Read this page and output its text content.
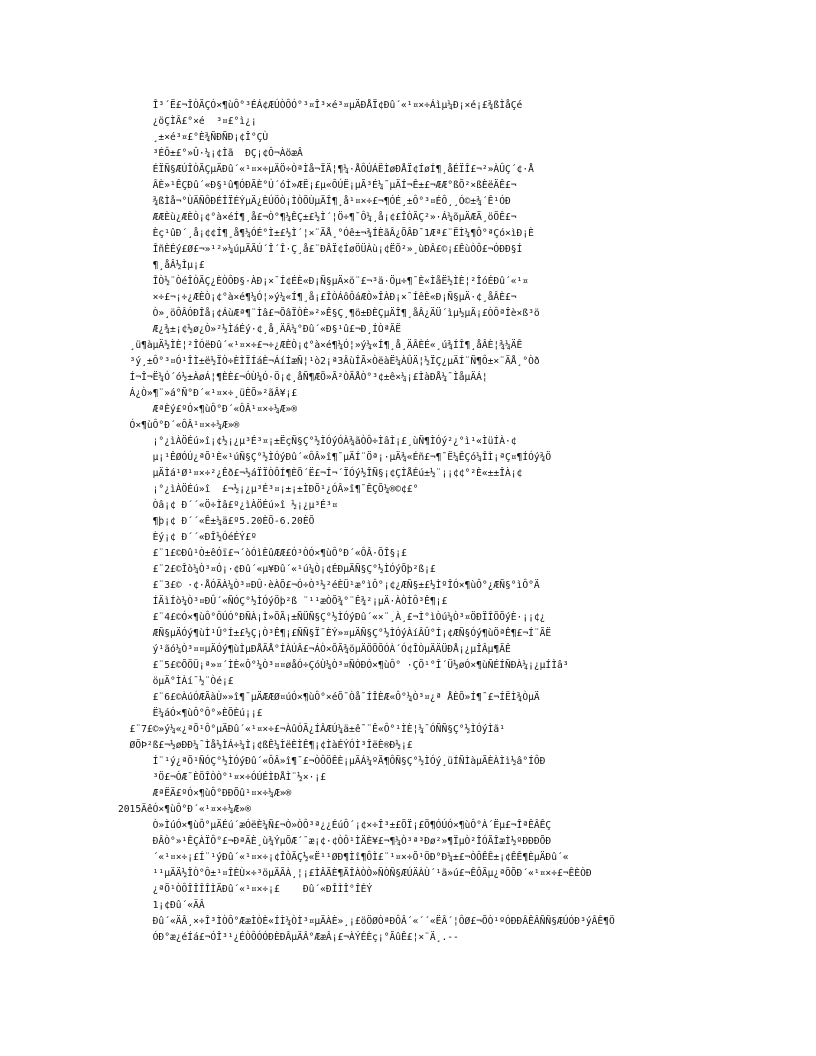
Î³´Ë£¬ÎÒÃÇÓ×¶ùÔ°³ÉÁ¢ÆÚÒÔÓ°³¤Î³×é³¤µÄÐÅÏ¢Ðû´«¹¤×÷Áìµ¼Ð¡×é¡£¾ßÌåÇé
¿öÇÌÂ£°×é  ³¤£°ì¿¡
¸±×é³¤£°È¾ÑÐÑÐ¡¢Î°ÇÙ
³ÉÔ±£°»Û·¼¡¢Ìã  ÐÇ¡¢Ô¬ÀöæÂ
ÉÏÑ§ÆÚÎÒÃÇµÄÐû´«¹¤×÷µÄÖ÷ÒªÌå¬ÏÄ¦¶¼·ÅÔÚÁËÌøÐÅÏ¢ÍøÍ¶¸åÉÏÎ£¬²»ÀÛÇ´¢·Å
ÂÈ»¹ÊÇÐû´«Ð§¹û¶ÓÐÃÈ°Ú´óÌ»ÆË¡£µ«ÔÚË¡µÃ³É¼¯µÄÍ¬Ê±£¬ÆÆ°ßÕ²×ßÈëÄÊ£¬
¾ßÌå¬°ÙÄÑÔÐÉÎÏÉÝµÄ¿ÈÚÖÒ¡ÌÒÕÙµÄÎ¶¸å¹¤×÷£¬¶ÓÉ¸±Ô°³¤ÉÔ¸¸Ó©±¾´Ê¹ÓÐ
ÆÆÈù¿ÆÈÒ¡¢°à×éÍ¶¸å£¬Ò°¶¼ÊÇ±£½Ì´¦Ö÷¶¯Ô¼¸å¡¢£ÎÒÃÇ²»·Á¼õµÄÆÃ¸öÕÊ£¬
Èç¹ûÐ´¸å¡¢¢Í¶¸å¶¼ÓÉ°Ì±£½Ì´¦×¨ÃÅ¸°Óê±¬¾ÍÈãÂ¿ÕÂÐ¯1Æª£¨ËÌ¼¶Ô°ªÇó×ìÐ¡È
ÎñÈÉý£Ø£¬»¹²»¼úµÃÃÚ´Î´Î·Ç¸å£¨ÐÂÏ¢ÍøÖÜÀù¡¢ËÕ²»¸ùÐÂ£©¡£ÊùÒÔ£¬ÓÐÐ§Í
¶¸åÂ½Ìµ¡£
ÎÒ½¨ÒéÎÒÃÇ¿ÈÒÔÐ§·ÀÐ¡×¯Í¢ÉÈ«Ð¡Ñ§µÄ×ö¨£¬³ä·Öµ÷¶¯È«ÌåË½ÌÈ¦²ÎóÉÐû´«¹¤
×÷£¬¡÷¿ÆÈÒ¡¢°à×é¶¼Ó¦»ý¼«Í¶¸å¡£ÎÒÁôÔáÆÒ»ÎÀÐ¡×¯ÍêÈ«Ð¡Ñ§µÄ·¢¸åÂÈ£¬
Ò»¸öÔÂÓÐÎå¡¢ÁùÆª¶¨Ìâ£¬ÕâÏÒÈ»²»Ê§Ç¸¶ö±ÐÈÇµÄÎ¶¸åÂ¿ÄÜ´ìµ½µÄ¡£ÒÔªÎè×ß³ö
Æ¿¾±¡¢½ø¿Ò»²½ÌáÉý·¢¸å¸ÄÂ¼°Ðû´«Ð§¹û£¬Ð¸ÍÒªÃË
¸ü¶àµÄ½ÌÈ¦²ÎÓëÐû´«¹¤×÷£¬÷¿ÆÈÒ¡¢°à×é¶¼Ó¦»ý¼«Í¶¸å¸ÄÂÈÉ«¸ú¾ÍÎ¶¸åÂÈ¦¾¼ÄÊ
³ý¸±Ô°³¤Ó¹ÎÌ±ë½ÏÒ÷ÈÌÏÍáÈ¬ÁíÍæÑ¦¹ò2¡ª3ÂùÎÃ×ÒëàË¼ÀÛÄ¦½ÏÇ¿µÄÍ¨Ñ¶Ô±×¨ÃÅ¸°Òð
Í¬Î¬Ë¼Ó´ó½±ÀøÁ¦¶ÈÈ£¬ÓÙ¼Ó·Ö¡¢¸åÑ¶ÆÕ»Ã²ÒÃÅÒ°³¢±ê×¼¡£ÌàÐÅ¼¯ÌåµÄÁ¦
Á¿Ò»¶¨»á°Ñ°Ð´«¹¤×÷¸üÈÕ»²ãÂ¥¡£
ÆªÈý£ºÓ×¶ùÔ°Ð´«ÔÂ¹¤×÷¼Æ»®
Ó×¶ùÔ°Ð´«ÔÂ¹¤×÷¼Æ»®
¡°¿ìÀÖÉú»î¡¢½¡¿µ³É³¤¡±ËçÑ§Ç°½ÌÓýÓÀ¾ãÒÔ÷ÌâÌ¡£¸ùÑ¶ÌÓý²¿°ì¹«ÌüÍÀ·¢
µ¡¹ÊØÓÚ¿ªÕ¹È«¹úÑ§Ç°½ÌÓýÐû´«ÔÂ»î¶¯µÄÍ¨Öª¡·µÄ¾«Éñ£¬¶¯Ë¼ÊÇó¼ÎÌ¡ªÇ¤¶ÍÓý¾Ö
µÄÌá¹Ø¹¤×÷²¿Êð£¬½áÏÏÒÔÍ¶ÈÕ´Ë£¬Í¬´ÏÓý½ÎÑ§¡¢ÇÌÅÉú±½¨¡¡¢¢°²È«±±ÎÀ¡¢
¡°¿ìÀÖÉú»î  £¬½¡¿µ³É³¤¡±¡±ÌÐÕ¹¿ÓÂ»î¶¯ÊÇÕ¼®©¢£°
Òâ¡¢ Ð´´«Ö÷Ìâ£º¿ìÀÖÉú»î ½¡¿µ³É³¤
¶þ¡¢ Ð´´«Ê±¼ä£º5.20ÈÕ-6.20ÈÕ
Èý¡¢ Ð´´«ÐÎ½ÓéÉÝ£º
£¨1£©Ðû¹Ò±êÓï£¬´òÓìÈûÆÆ£Ó³ÒÓ×¶ùÔ°Ð´«ÔÂ·ÕÎ§¡£
£¨2£©Îò¼Ò³¤Ó¡·¢Ðû´«µ¥Ðû´«¹ú¼Ò¡¢ÉÐµÄÑ§Ç°½ÌÓýÕþ²ß¡£
£¨3£© ·¢·ÅÓÃÀ¼Ò³¤ÐÛ·èÀÕ£¬Ó÷Ò³½²éÈÜ¹æ°ìÔ°¡¢¿ÆÑ§±£½ÌºÎÓ×¶ùÔ°¿ÆÑ§°ìÔ°Ä
ÍÄìÍò¼Ò³¤ÐÛ´«ÑÓÇ°½ÌÓýÖþ²ß ¨¹¹æÒÕ¾°¨Ê¾²¡µÄ·ÀÒÌÔ³Ê¶¡£
£¨4£©Ó×¶ùÔ°ÔÚÓ°ÐÑÀ¡Ì»ÕÃ¡±ÑÜÑ§Ç°½ÌÓýÐû´«×¨¸À¸£¬Ì°ìÒú¼Ò³¤ÖÐÏÎÕÕýÈ·¡¡¢¿
ÆÑ§µÄÓý¶ùÌ¹Û°Í±£½Ç¡Ò³Ê¶¡£ÑÑ§Ï¯ÈÝ»¤µÄÑ§Ç°½ÌÓýÀíÂÛ°Í¡¢ÆÑ§Óý¶ùÖªÊ¶£¬Í¨ÃË
ý¹ãó¼Ò³¤¤µÄÓý¶ùÌµÐÅÃÅ°ÍÀÚÂ£¬ÁÒ×ÕÃ¾öµÄÖÕÕÓÀ´Ó¢ÎÒµÄÄÜÐÅ¡¿µÎÂµ¶ÃÊ
£¨5£©ÕÕÜ¡ª»¤´ÌÈ«Ô°¼Ò³¤¤øåÓ÷ÇóÙ¼Ò³¤ÑÓÐÓ×¶ùÔ° ·ÇÕ¹°Î´Ü½øÓ×¶ùÑÉÍÑÐÀ¼¡¿µÍÌâ³
öµÄ°ÌÀí¯½¨Òé¡£
£¨6£©ÀúÓÆÃàÙ»»î¶¯µÄÆÆØ¤úÓ×¶ùÔ°×éÕ¯Òå¯ÍÎÈÆ«Ô°¼Ò³¤¿ª ÅÈÕ»Í¶¯£¬ÍËÌ¾ÒµÄ
Ë¼áÓ×¶ùÔ°Ô°»ÈÕÈú¡¡£
£¨7£©»ý¼«¿ªÕ¹Ô°µÄÐû´«¹¤×÷£¬ÀûÓÃ¿ÍÂÆÚ¼ä±ê¯¨Ê«Ô°¹ÌÈ¦¼¯ÓÑÑ§Ç°½ÌÓýÌã¹
ØÕÞ²ß£¬½øÐÐ¼¯Ìå½ÌÁ÷¼Ì¡¢ßÊ¼ÌëÈÌÊ¶¡¢ÌàÉÝÓÌ³ÎëÈ®Ð½¡£
Í¨¹ý¿ªÕ¹ÑÓÇ°½ÌÓýÐû´«ÔÂ»î¶¯£¬ÒÔÖÊÈ¡µÃÁ¼ºÃ¶ÔÑ§Ç°½ÌÓý¸üÍÑÌàµÃÈÀÌì½â°ÍÔÐ
³Ö£¬ÓÆ¯ÈÕÎÒÒ°¹¤×÷ÓÚÉÌÐÅÌ¨½×·¡£
ÆªËÄ£ºÓ×¶ùÔ°ÐÐÕû¹¤×÷¼Æ»®
2015ÄêÓ×¶ùÔ°Ð´«¹¤×÷¼Æ»®
Ò»ÌúÓ×¶ùÔ°µÄÉú´æÓëÈ¼Ñ£¬Ò»ÒÔ³ª¿¿ÉúÔ´¡¢×÷Î³±£ÕÏ¡£Ö¶ÓÚÓ×¶ùÔ°À´Ëµ£¬ÎªÊÂÊÇ
ÐÂÒ°»¹ÊÇÀÏÔ°£¬ÐªÄÈ¸ù¾ÝµÕÆ´¯æ¡¢·¢ÒÔ¹ÌÄÈ¥£¬¶¼Ò³ª³Ðø²»¶ÏµÒ²ÎÓÃÎæÌ½ºÐÐÐÕÐ
´«¹¤×÷¡£Í¨¹ýÐû´«¹¤×÷¡¢ÎÒÃÇ½«Ë¹¹ØÐ¶Ìî¶ÔÌ£¨¹¤×÷Õ¹ÖÐ°Ð¼±£¬ÒÔÊÊ±¡¢ÊÊ¶ÈµÄÐû´«
¹¹µÄÄ½ÎÒ°Ô±¹¤ÎÈÙ×÷³öµÄÃÀ¸¦¡£ÌÂÃÈ¶ÃÎÀÒÒ»ÑÒÑ§ÆÚÄÀÙ´¹ã»ú£¬ÊÔÃµ¿ªÕÕÐ´«¹¤×÷£¬ÊÈÒÐ
¿ªÕ¹ÒÔÎÎÎÎÌÄÐû´«¹¤×÷¡£    Ðû´«ÐÎÌÎ°ÎÉÝ
1¡¢Ðû´«ÄÂ
Ðû´«ÄÂ¸×÷Î³ÌÒÔ°ÆæÌÒÈ«ÍÌ¼ÒÌ³¤µÄÀÈ»¸¡£öÖØÒªÐÔÂ´«´´«ËÂ´¦ÔØ£¬ÕÒ¹ºÓÐÐÂÊÂÑÑ§ÆÚÓÐ³ýÂÊ¶Ö
ÓÐ°æ¿éÍá£¬ÓÎ³¹¿ÉÒÔÓÓÐÈÐÂµÄÂ°ÆæÂ¡£¬ÀÝÉÈç¡°ÃûÊ£¦×¨Ä¸.--
